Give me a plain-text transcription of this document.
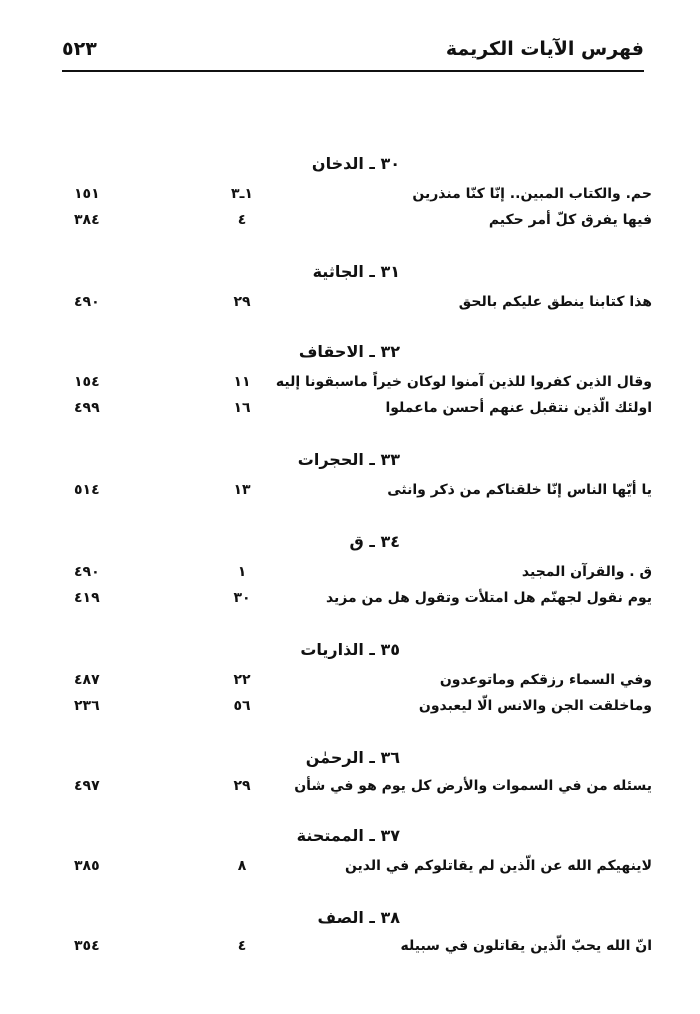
فهرس الآيات الكريمة
٥٢٣
٣٠ ـ الدخان
حم. والكتاب المبين.. إنّا كنّا منذرين
١ـ٣
١٥١
فيها يفرق كلّ أمر حكيم
٤
٣٨٤
٣١ ـ الجاثية
هذا كتابنا ينطق عليكم بالحق
٢٩
٤٩٠
٣٢ ـ الاحقاف
وقال الذين كفروا للذين آمنوا لوكان خيراً ماسبقونا إليه
١١
١٥٤
اولئك الّذين نتقبل عنهم أحسن ماعملوا
١٦
٤٩٩
٣٣ ـ الحجرات
يا أيّها الناس إنّا خلقناكم من ذكر وانثى
١٣
٥١٤
٣٤ ـ ق
ق . والقرآن المجيد
١
٤٩٠
يوم نقول لجهنّم هل امتلأت وتقول هل من مزيد
٣٠
٤١٩
٣٥ ـ الذاريات
وفي السماء رزقكم وماتوعدون
٢٢
٤٨٧
وماخلقت الجن والانس الّا ليعبدون
٥٦
٢٣٦
٣٦ ـ الرحمٰن
يسئله من في السموات والأرض كل يوم هو في شأن
٢٩
٤٩٧
٣٧ ـ الممتحنة
لاينهيكم الله عن الّذين لم يقاتلوكم في الدين
٨
٣٨٥
٣٨ ـ الصف
انّ الله يحبّ الّذين يقاتلون في سبيله
٤
٣٥٤
